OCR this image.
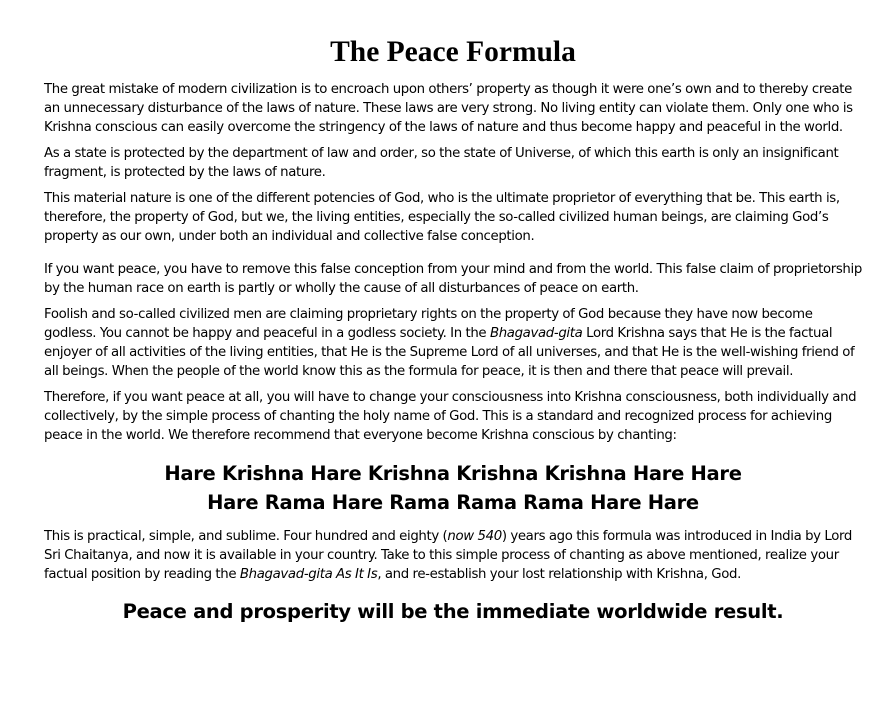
The Peace Formula

The great mistake of modern civilization is to encroach upon others’ property as though it were one’s own and to thereby create an unnecessary disturbance of the laws of nature. These laws are very strong. No living entity can violate them. Only one who is Krishna conscious can easily overcome the stringency of the laws of nature and thus become happy and peaceful in the world.

As a state is protected by the department of law and order, so the state of Universe, of which this earth is only an insignificant fragment, is protected by the laws of nature.

This material nature is one of the different potencies of God, who is the ultimate proprietor of everything that be. This earth is, therefore, the property of God, but we, the living entities, especially the so-called civilized human beings, are claiming God’s property as our own, under both an individual and collective false conception.

If you want peace, you have to remove this false conception from your mind and from the world. This false claim of proprietorship by the human race on earth is partly or wholly the cause of all disturbances of peace on earth.

Foolish and so-called civilized men are claiming proprietary rights on the property of God because they have now become godless. You cannot be happy and peaceful in a godless society. In the Bhagavad-gita Lord Krishna says that He is the factual enjoyer of all activities of the living entities, that He is the Supreme Lord of all universes, and that He is the well-wishing friend of all beings. When the people of the world know this as the formula for peace, it is then and there that peace will prevail.

Therefore, if you want peace at all, you will have to change your consciousness into Krishna consciousness, both individually and collectively, by the simple process of chanting the holy name of God. This is a standard and recognized process for achieving peace in the world. We therefore recommend that everyone become Krishna conscious by chanting:

Hare Krishna Hare Krishna Krishna Krishna Hare Hare
Hare Rama Hare Rama Rama Rama Hare Hare

This is practical, simple, and sublime. Four hundred and eighty (now 540) years ago this formula was introduced in India by Lord Sri Chaitanya, and now it is available in your country. Take to this simple process of chanting as above mentioned, realize your factual position by reading the Bhagavad-gita As It Is, and re-establish your lost relationship with Krishna, God.

Peace and prosperity will be the immediate worldwide result.
